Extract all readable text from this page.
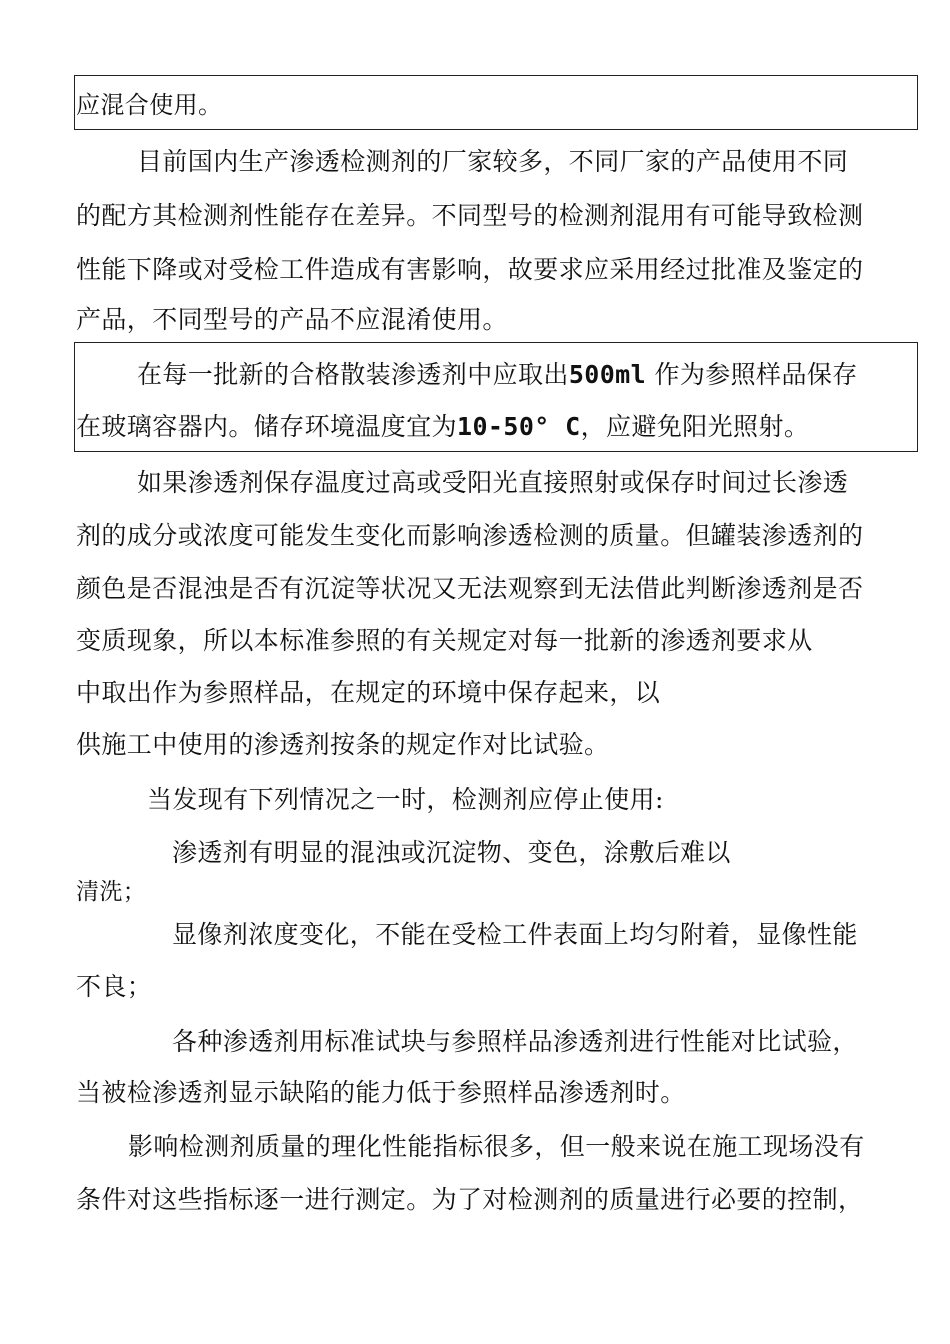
应混合使用。
目前国内生产渗透检测剂的厂家较多，不同厂家的产品使用不同
的配方其检测剂性能存在差异。不同型号的检测剂混用有可能导致检测
性能下降或对受检工件造成有害影响，故要求应采用经过批准及鉴定的
产品，不同型号的产品不应混淆使用。
在每一批新的合格散装渗透剂中应取出500ml 作为参照样品保存
在玻璃容器内。储存环境温度宜为10-50° C，应避免阳光照射。
如果渗透剂保存温度过高或受阳光直接照射或保存时间过长渗透
剂的成分或浓度可能发生变化而影响渗透检测的质量。但罐装渗透剂的
颜色是否混浊是否有沉淀等状况又无法观察到无法借此判断渗透剂是否
变质现象，所以本标准参照的有关规定对每一批新的渗透剂要求从
中取出作为参照样品，在规定的环境中保存起来，以
供施工中使用的渗透剂按条的规定作对比试验。
当发现有下列情况之一时，检测剂应停止使用:
渗透剂有明显的混浊或沉淀物、变色，涂敷后难以
清洗；
显像剂浓度变化，不能在受检工件表面上均匀附着，显像性能
不良；
各种渗透剂用标准试块与参照样品渗透剂进行性能对比试验，
当被检渗透剂显示缺陷的能力低于参照样品渗透剂时。
影响检测剂质量的理化性能指标很多，但一般来说在施工现场没有
条件对这些指标逐一进行测定。为了对检测剂的质量进行必要的控制，
